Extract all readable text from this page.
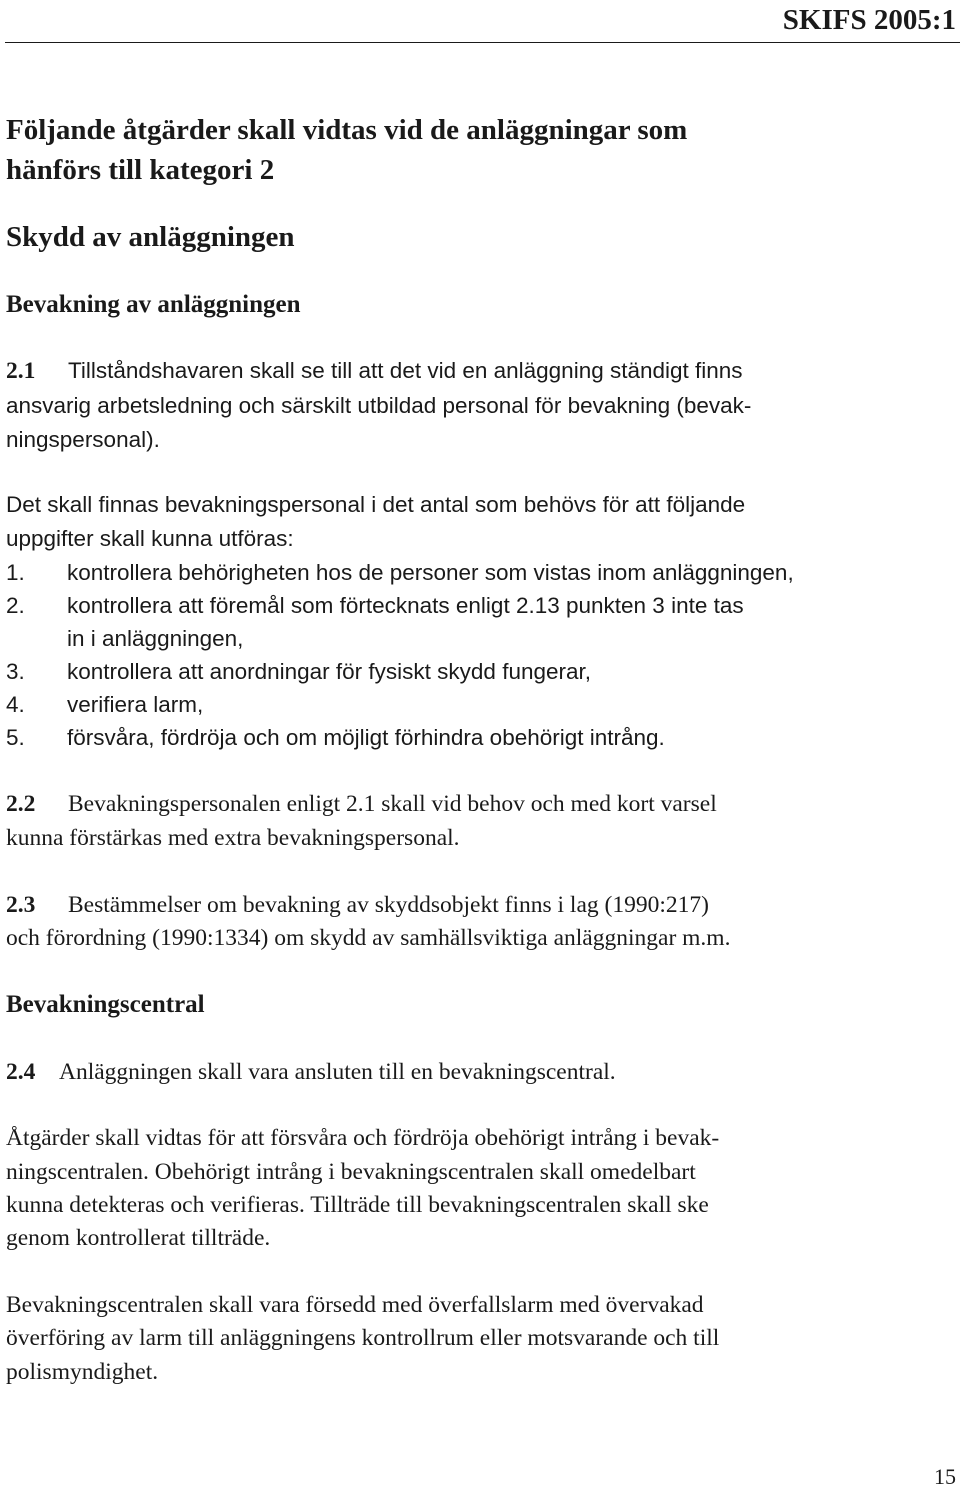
SKIFS 2005:1
Följande åtgärder skall vidtas vid de anläggningar som
hänförs till kategori 2
Skydd av anläggningen
Bevakning av anläggningen
2.1 Tillståndshavaren skall se till att det vid en anläggning ständigt finns
ansvarig arbetsledning och särskilt utbildad personal för bevakning (bevak-
ningspersonal).
Det skall finnas bevakningspersonal i det antal som behövs för att följande
uppgifter skall kunna utföras:
1. kontrollera behörigheten hos de personer som vistas inom anläggningen,
2. kontrollera att föremål som förtecknats enligt 2.13 punkten 3 inte tas
in i anläggningen,
3. kontrollera att anordningar för fysiskt skydd fungerar,
4. verifiera larm,
5. försvåra, fördröja och om möjligt förhindra obehörigt intrång.
2.2 Bevakningspersonalen enligt 2.1 skall vid behov och med kort varsel
kunna förstärkas med extra bevakningspersonal.
2.3 Bestämmelser om bevakning av skyddsobjekt finns i lag (1990:217)
och förordning (1990:1334) om skydd av samhällsviktiga anläggningar m.m.
Bevakningscentral
2.4 Anläggningen skall vara ansluten till en bevakningscentral.
Åtgärder skall vidtas för att försvåra och fördröja obehörigt intrång i bevak-
ningscentralen. Obehörigt intrång i bevakningscentralen skall omedelbart
kunna detekteras och verifieras. Tillträde till bevakningscentralen skall ske
genom kontrollerat tillträde.
Bevakningscentralen skall vara försedd med överfallslarm med övervakad
överföring av larm till anläggningens kontrollrum eller motsvarande och till
polismyndighet.
15
